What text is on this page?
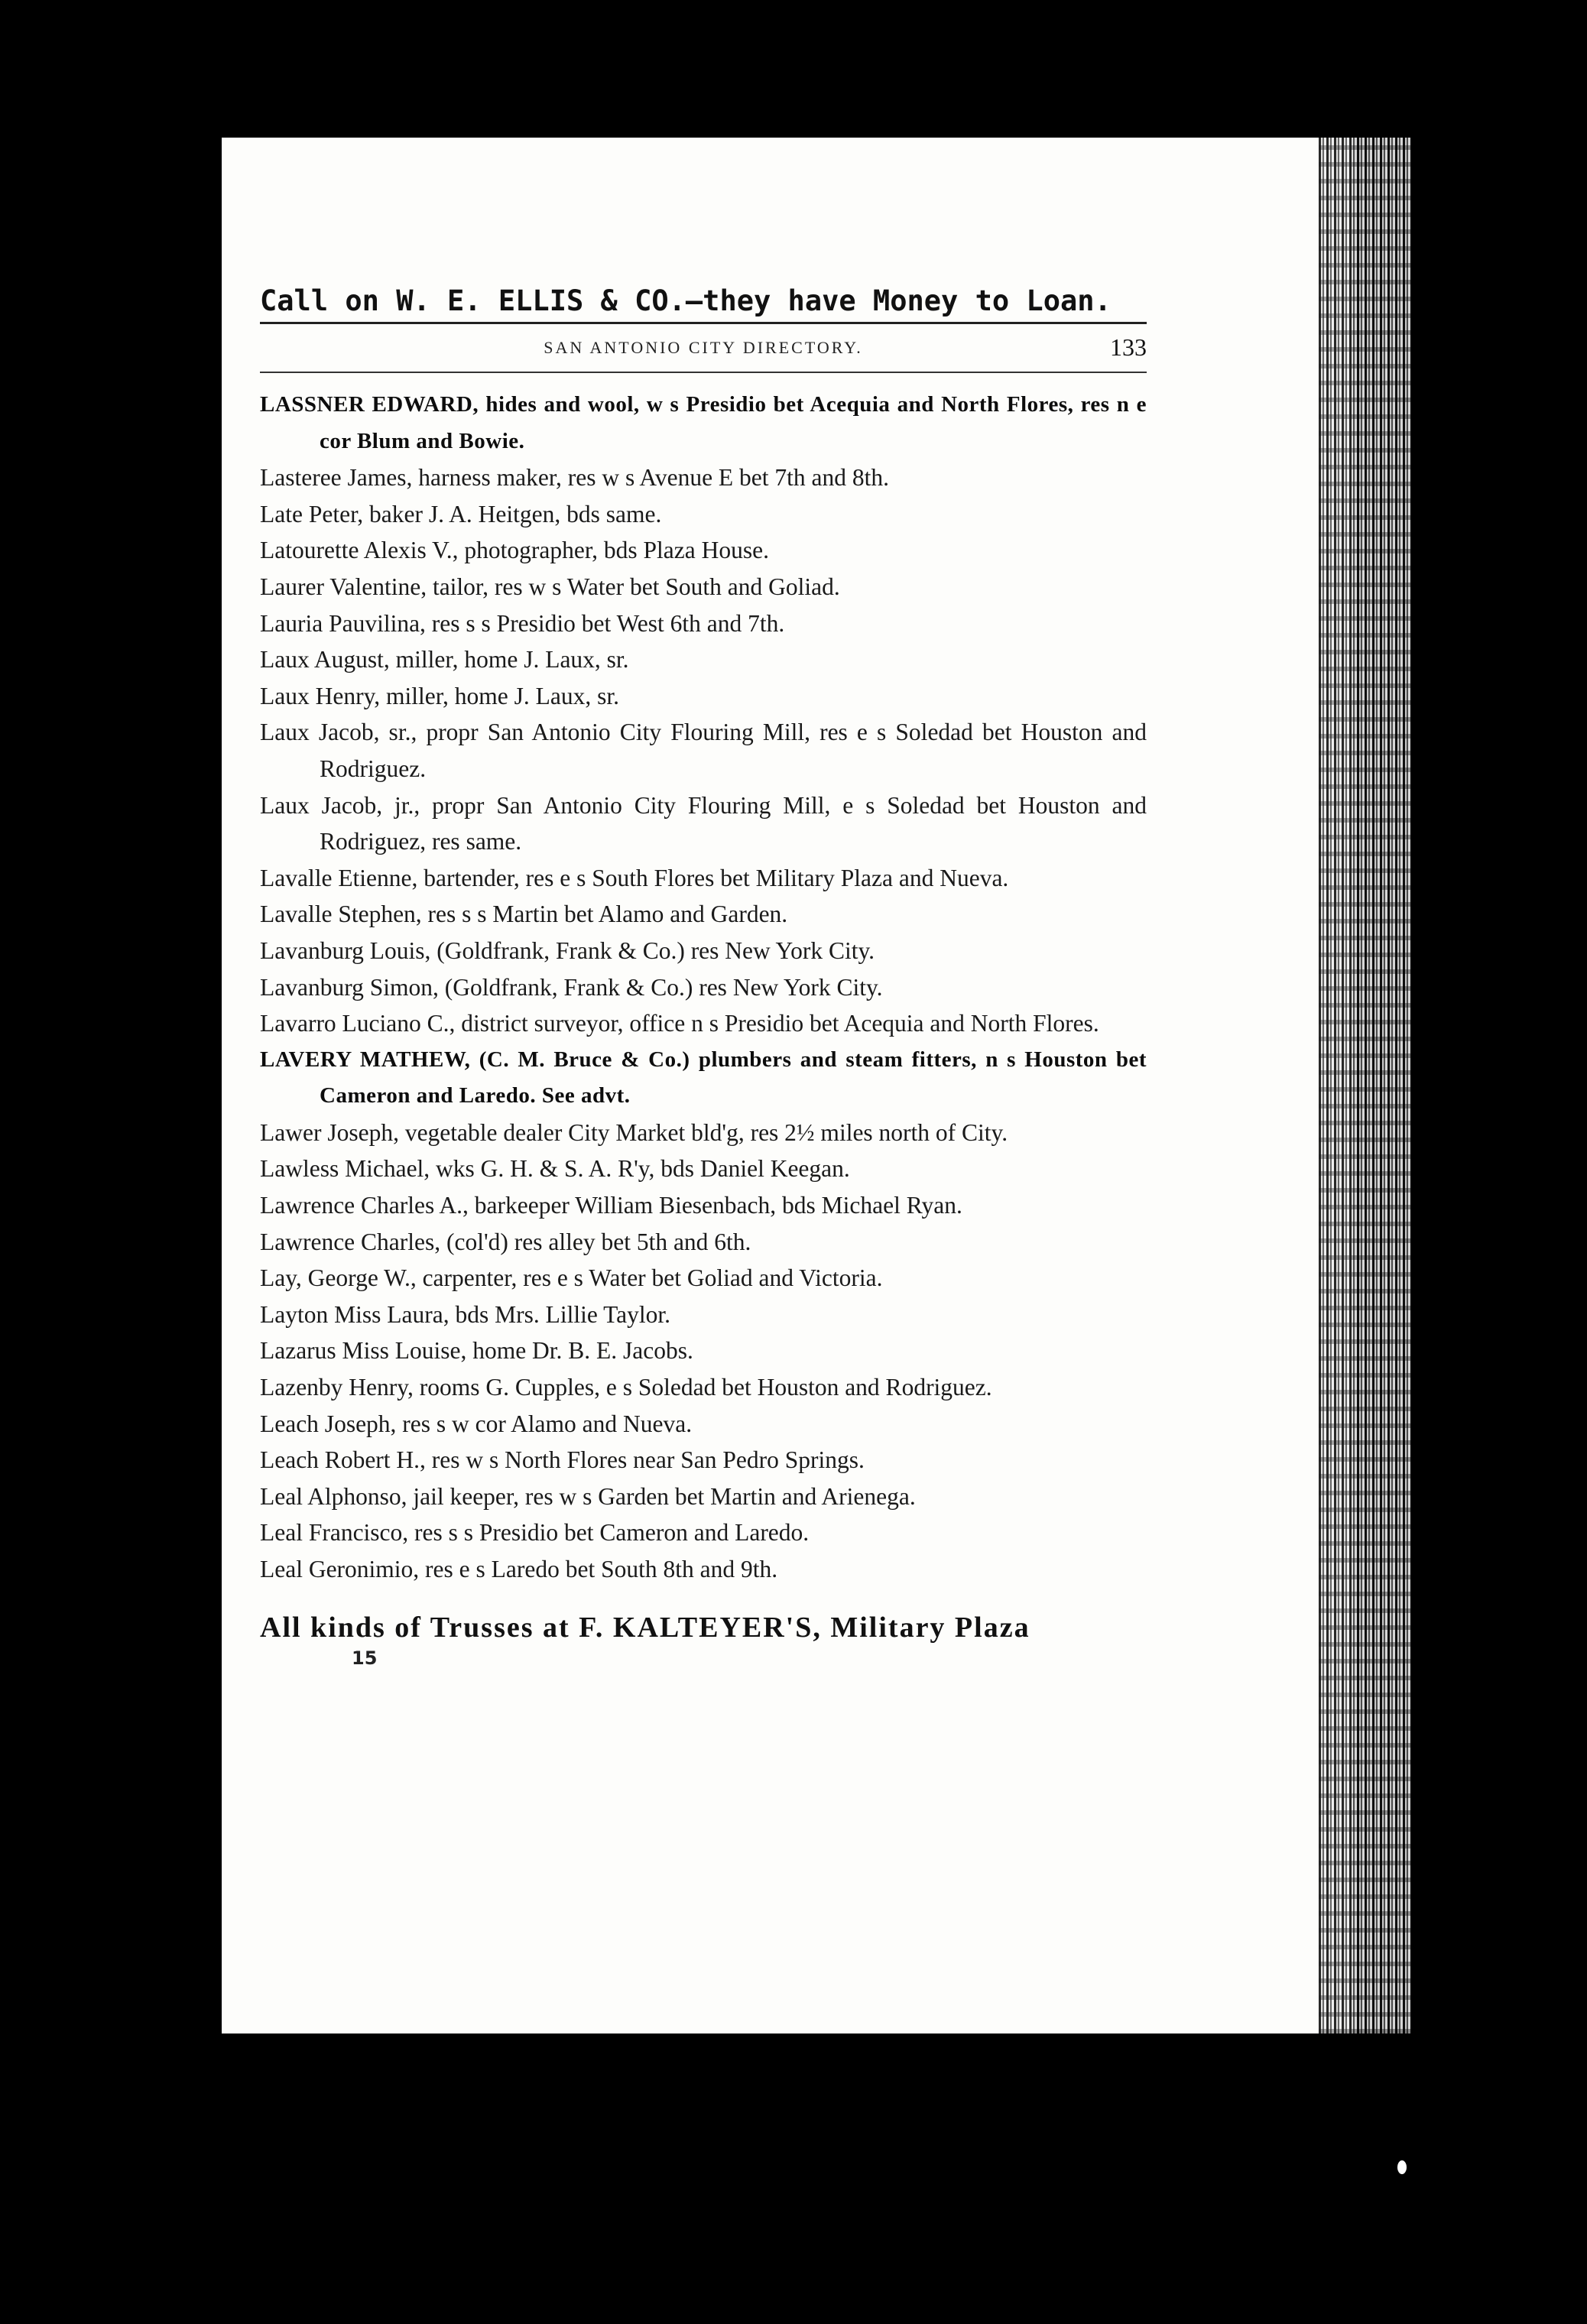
Call on W. E. ELLIS & CO.—they have Money to Loan.
SAN ANTONIO CITY DIRECTORY.	133
LASSNER EDWARD, hides and wool, w s Presidio bet Acequia and North Flores, res n e cor Blum and Bowie.
Lasteree James, harness maker, res w s Avenue E bet 7th and 8th.
Late Peter, baker J. A. Heitgen, bds same.
Latourette Alexis V., photographer, bds Plaza House.
Laurer Valentine, tailor, res w s Water bet South and Goliad.
Lauria Pauvilina, res s s Presidio bet West 6th and 7th.
Laux August, miller, home J. Laux, sr.
Laux Henry, miller, home J. Laux, sr.
Laux Jacob, sr., propr San Antonio City Flouring Mill, res e s Soledad bet Houston and Rodriguez.
Laux Jacob, jr., propr San Antonio City Flouring Mill, e s Soledad bet Houston and Rodriguez, res same.
Lavalle Etienne, bartender, res e s South Flores bet Military Plaza and Nueva.
Lavalle Stephen, res s s Martin bet Alamo and Garden.
Lavanburg Louis, (Goldfrank, Frank & Co.) res New York City.
Lavanburg Simon, (Goldfrank, Frank & Co.) res New York City.
Lavarro Luciano C., district surveyor, office n s Presidio bet Acequia and North Flores.
LAVERY MATHEW, (C. M. Bruce & Co.) plumbers and steam fitters, n s Houston bet Cameron and Laredo. See advt.
Lawer Joseph, vegetable dealer City Market bld'g, res 2½ miles north of City.
Lawless Michael, wks G. H. & S. A. R'y, bds Daniel Keegan.
Lawrence Charles A., barkeeper William Biesenbach, bds Michael Ryan.
Lawrence Charles, (col'd) res alley bet 5th and 6th.
Lay, George W., carpenter, res e s Water bet Goliad and Victoria.
Layton Miss Laura, bds Mrs. Lillie Taylor.
Lazarus Miss Louise, home Dr. B. E. Jacobs.
Lazenby Henry, rooms G. Cupples, e s Soledad bet Houston and Rodriguez.
Leach Joseph, res s w cor Alamo and Nueva.
Leach Robert H., res w s North Flores near San Pedro Springs.
Leal Alphonso, jail keeper, res w s Garden bet Martin and Arienega.
Leal Francisco, res s s Presidio bet Cameron and Laredo.
Leal Geronimio, res e s Laredo bet South 8th and 9th.
All kinds of Trusses at F. KALTEYER'S, Military Plaza
15
